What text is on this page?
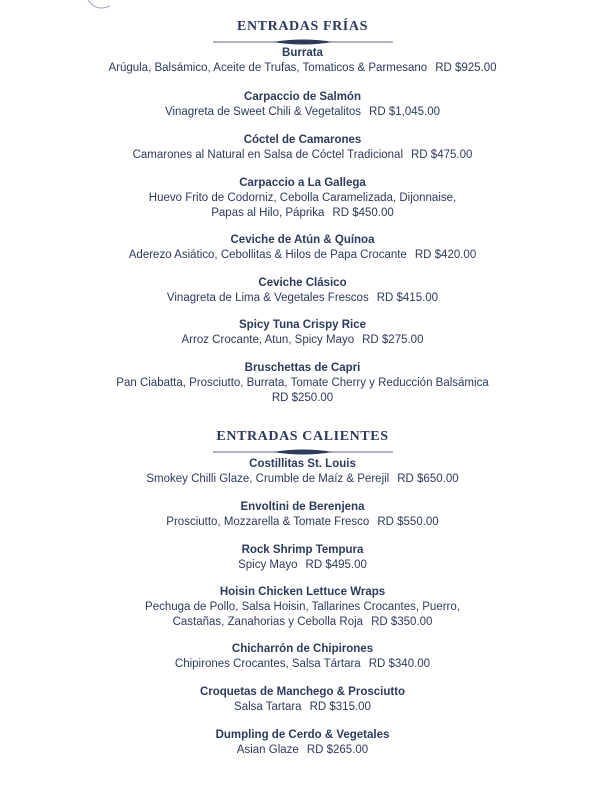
ENTRADAS FRÍAS
Burrata
Arúgula, Balsámico, Aceite de Trufas, Tomaticos & Parmesano RD $925.00
Carpaccio de Salmón
Vinagreta de Sweet Chili & Vegetalitos RD $1,045.00
Cóctel de Camarones
Camarones al Natural en Salsa de Cóctel Tradicional RD $475.00
Carpaccio a La Gallega
Huevo Frito de Codorniz, Cebolla Caramelizada, Dijonnaise,
Papas al Hilo, Páprika RD $450.00
Ceviche de Atún & Quínoa
Aderezo Asiático, Cebollitas & Hilos de Papa Crocante RD $420.00
Ceviche Clásico
Vinagreta de Lima & Vegetales Frescos RD $415.00
Spicy Tuna Crispy Rice
Arroz Crocante, Atun, Spicy Mayo RD $275.00
Bruschettas de Capri
Pan Ciabatta, Prosciutto, Burrata, Tomate Cherry y Reducción Balsámica
RD $250.00
ENTRADAS CALIENTES
Costillitas St. Louis
Smokey Chilli Glaze, Crumble de Maíz & Perejil RD $650.00
Envoltini de Berenjena
Prosciutto, Mozzarella & Tomate Fresco RD $550.00
Rock Shrimp Tempura
Spicy Mayo RD $495.00
Hoisin Chicken Lettuce Wraps
Pechuga de Pollo, Salsa Hoisin, Tallarines Crocantes, Puerro,
Castañas, Zanahorias y Cebolla Roja RD $350.00
Chicharrón de Chipirones
Chipirones Crocantes, Salsa Tártara RD $340.00
Croquetas de Manchego & Prosciutto
Salsa Tartara RD $315.00
Dumpling de Cerdo & Vegetales
Asian Glaze RD $265.00
